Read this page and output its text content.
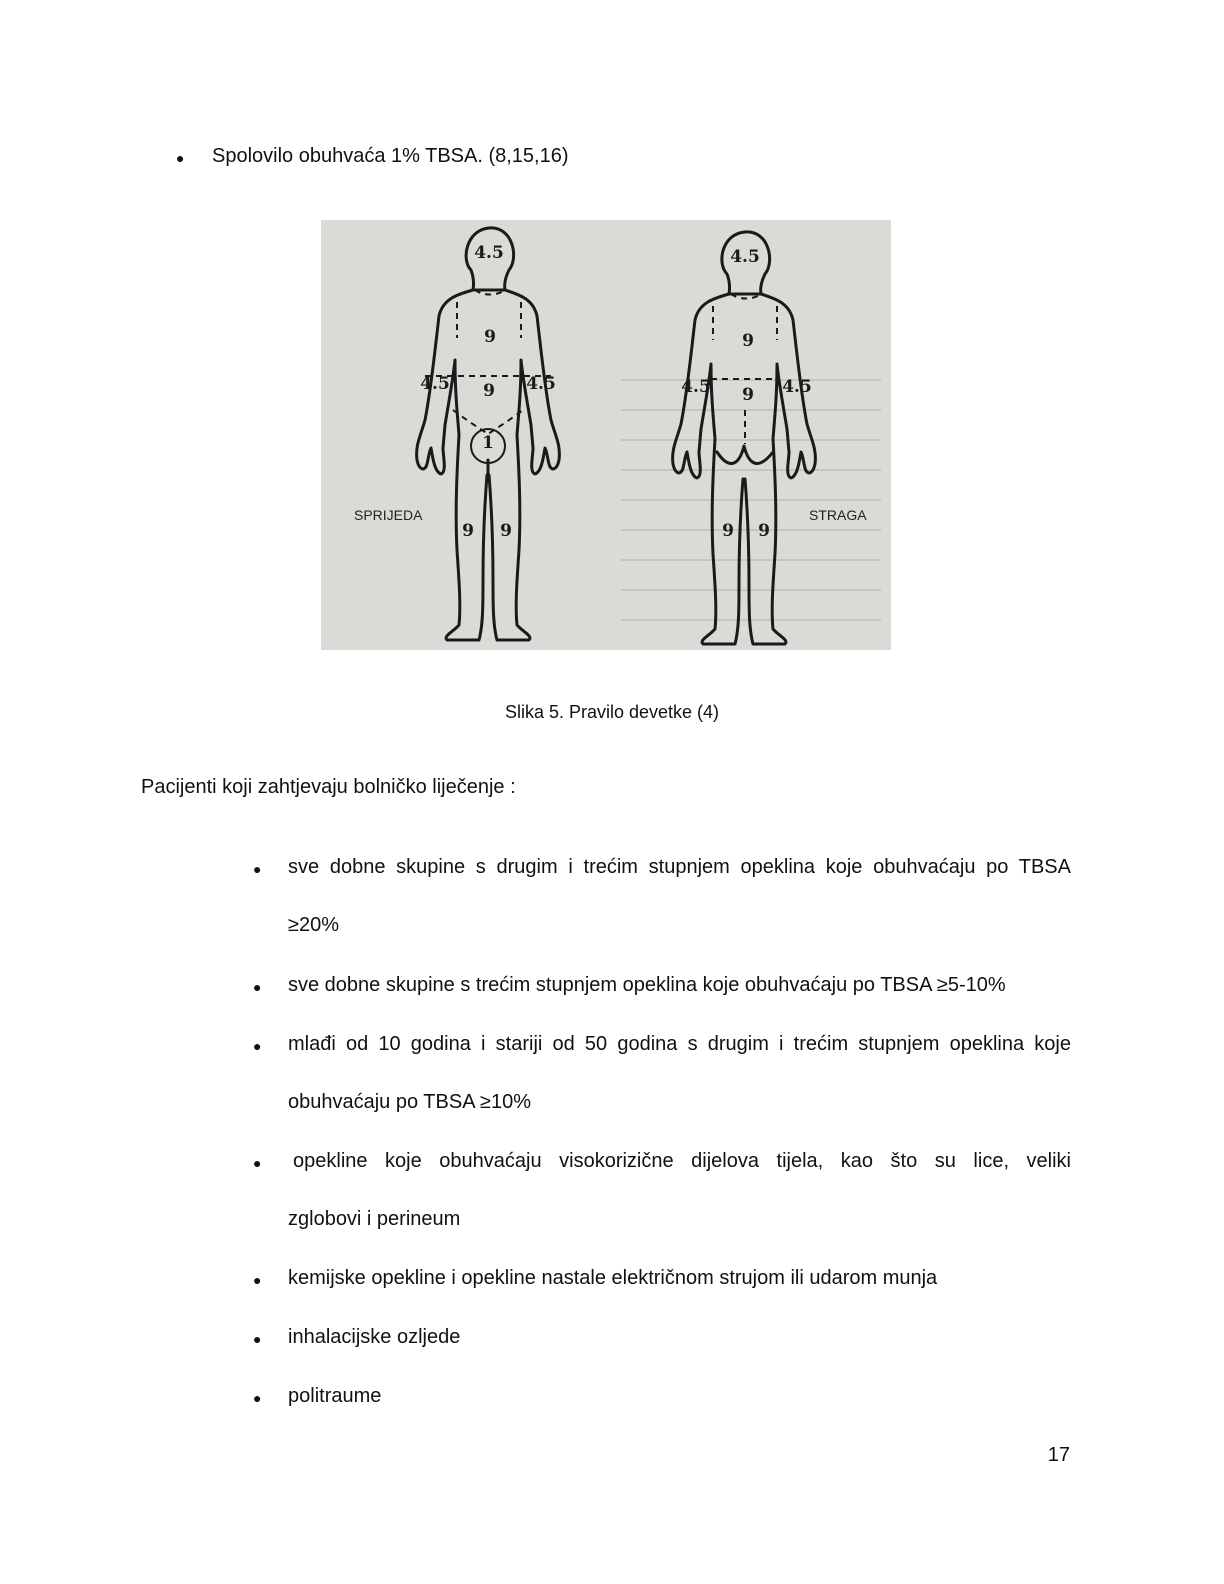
● Spolovilo obuhvaća 1% TBSA. (8,15,16)
4.5
9
9
4.5	4.5
1
9 9
SPRIJEDA
4.5
9
9
4.5	4.5
9 9
STRAGA
Slika 5. Pravilo devetke (4)
Pacijenti koji zahtjevaju bolničko liječenje :
● sve dobne skupine s drugim i trećim stupnjem opeklina koje obuhvaćaju po TBSA
≥20%
● sve dobne skupine s trećim stupnjem opeklina koje obuhvaćaju po TBSA ≥5-10%
● mlađi od 10 godina i stariji od 50 godina s drugim i trećim stupnjem opeklina koje
obuhvaćaju po TBSA ≥10%
● opekline koje obuhvaćaju visokorizične dijelova tijela, kao što su lice, veliki
zglobovi i perineum
● kemijske opekline i opekline nastale električnom strujom ili udarom munja
● inhalacijske ozljede
● politraume
17
